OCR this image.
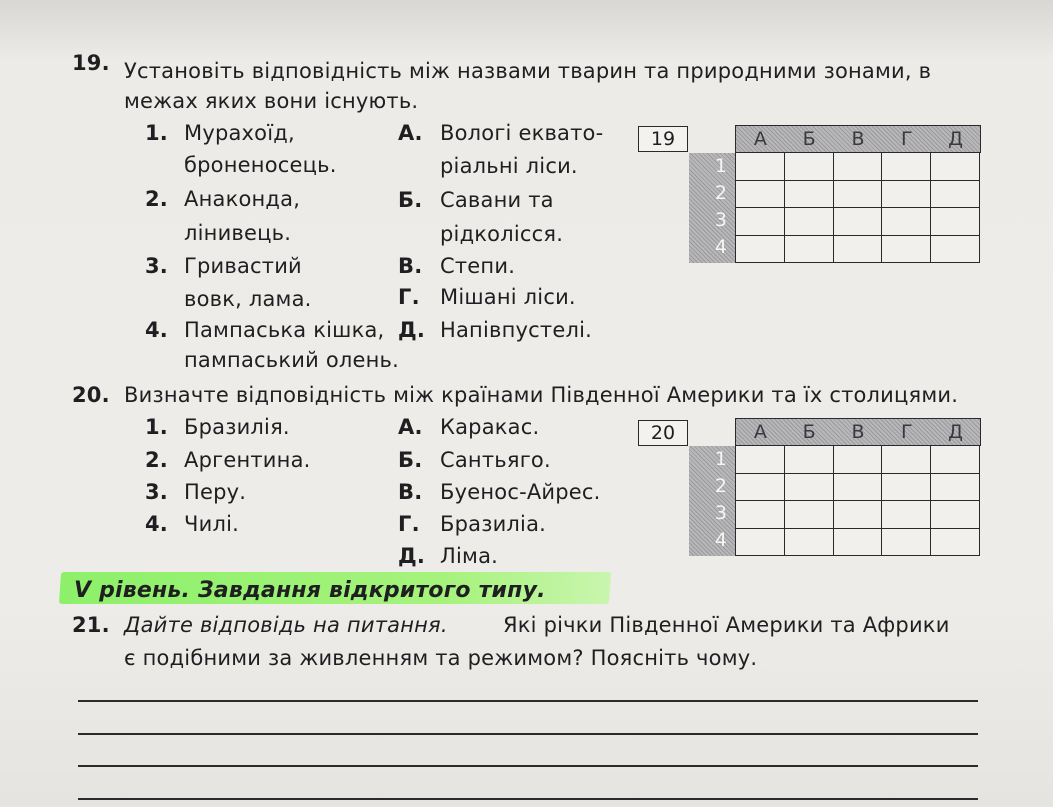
19. Установіть відповідність між назвами тварин та природними зонами, в
межах яких вони існують.
1. Мурахоїд,
броненосець.
2. Анаконда,
лінивець.
3. Гривастий
вовк, лама.
4. Пампаська кішка,
пампаський олень.
А. Вологі еквато-
ріальні ліси.
Б. Савани та
рідколісся.
В. Степи.
Г. Мішані ліси.
Д. Напівпустелі.
19	А	Б	В	Г	Д
1
2
3
4
20. Визначте відповідність між країнами Південної Америки та їх столицями.
1. Бразилія.
2. Аргентина.
3. Перу.
4. Чилі.
А. Каракас.
Б. Сантьяго.
В. Буенос-Айрес.
Г. Бразиліа.
Д. Ліма.
20	А	Б	В	Г	Д
1
2
3
4
V рівень. Завдання відкритого типу.
21. Дайте відповідь на питання.	Які річки Південної Америки та Африки
є подібними за живленням та режимом? Поясніть чому.
